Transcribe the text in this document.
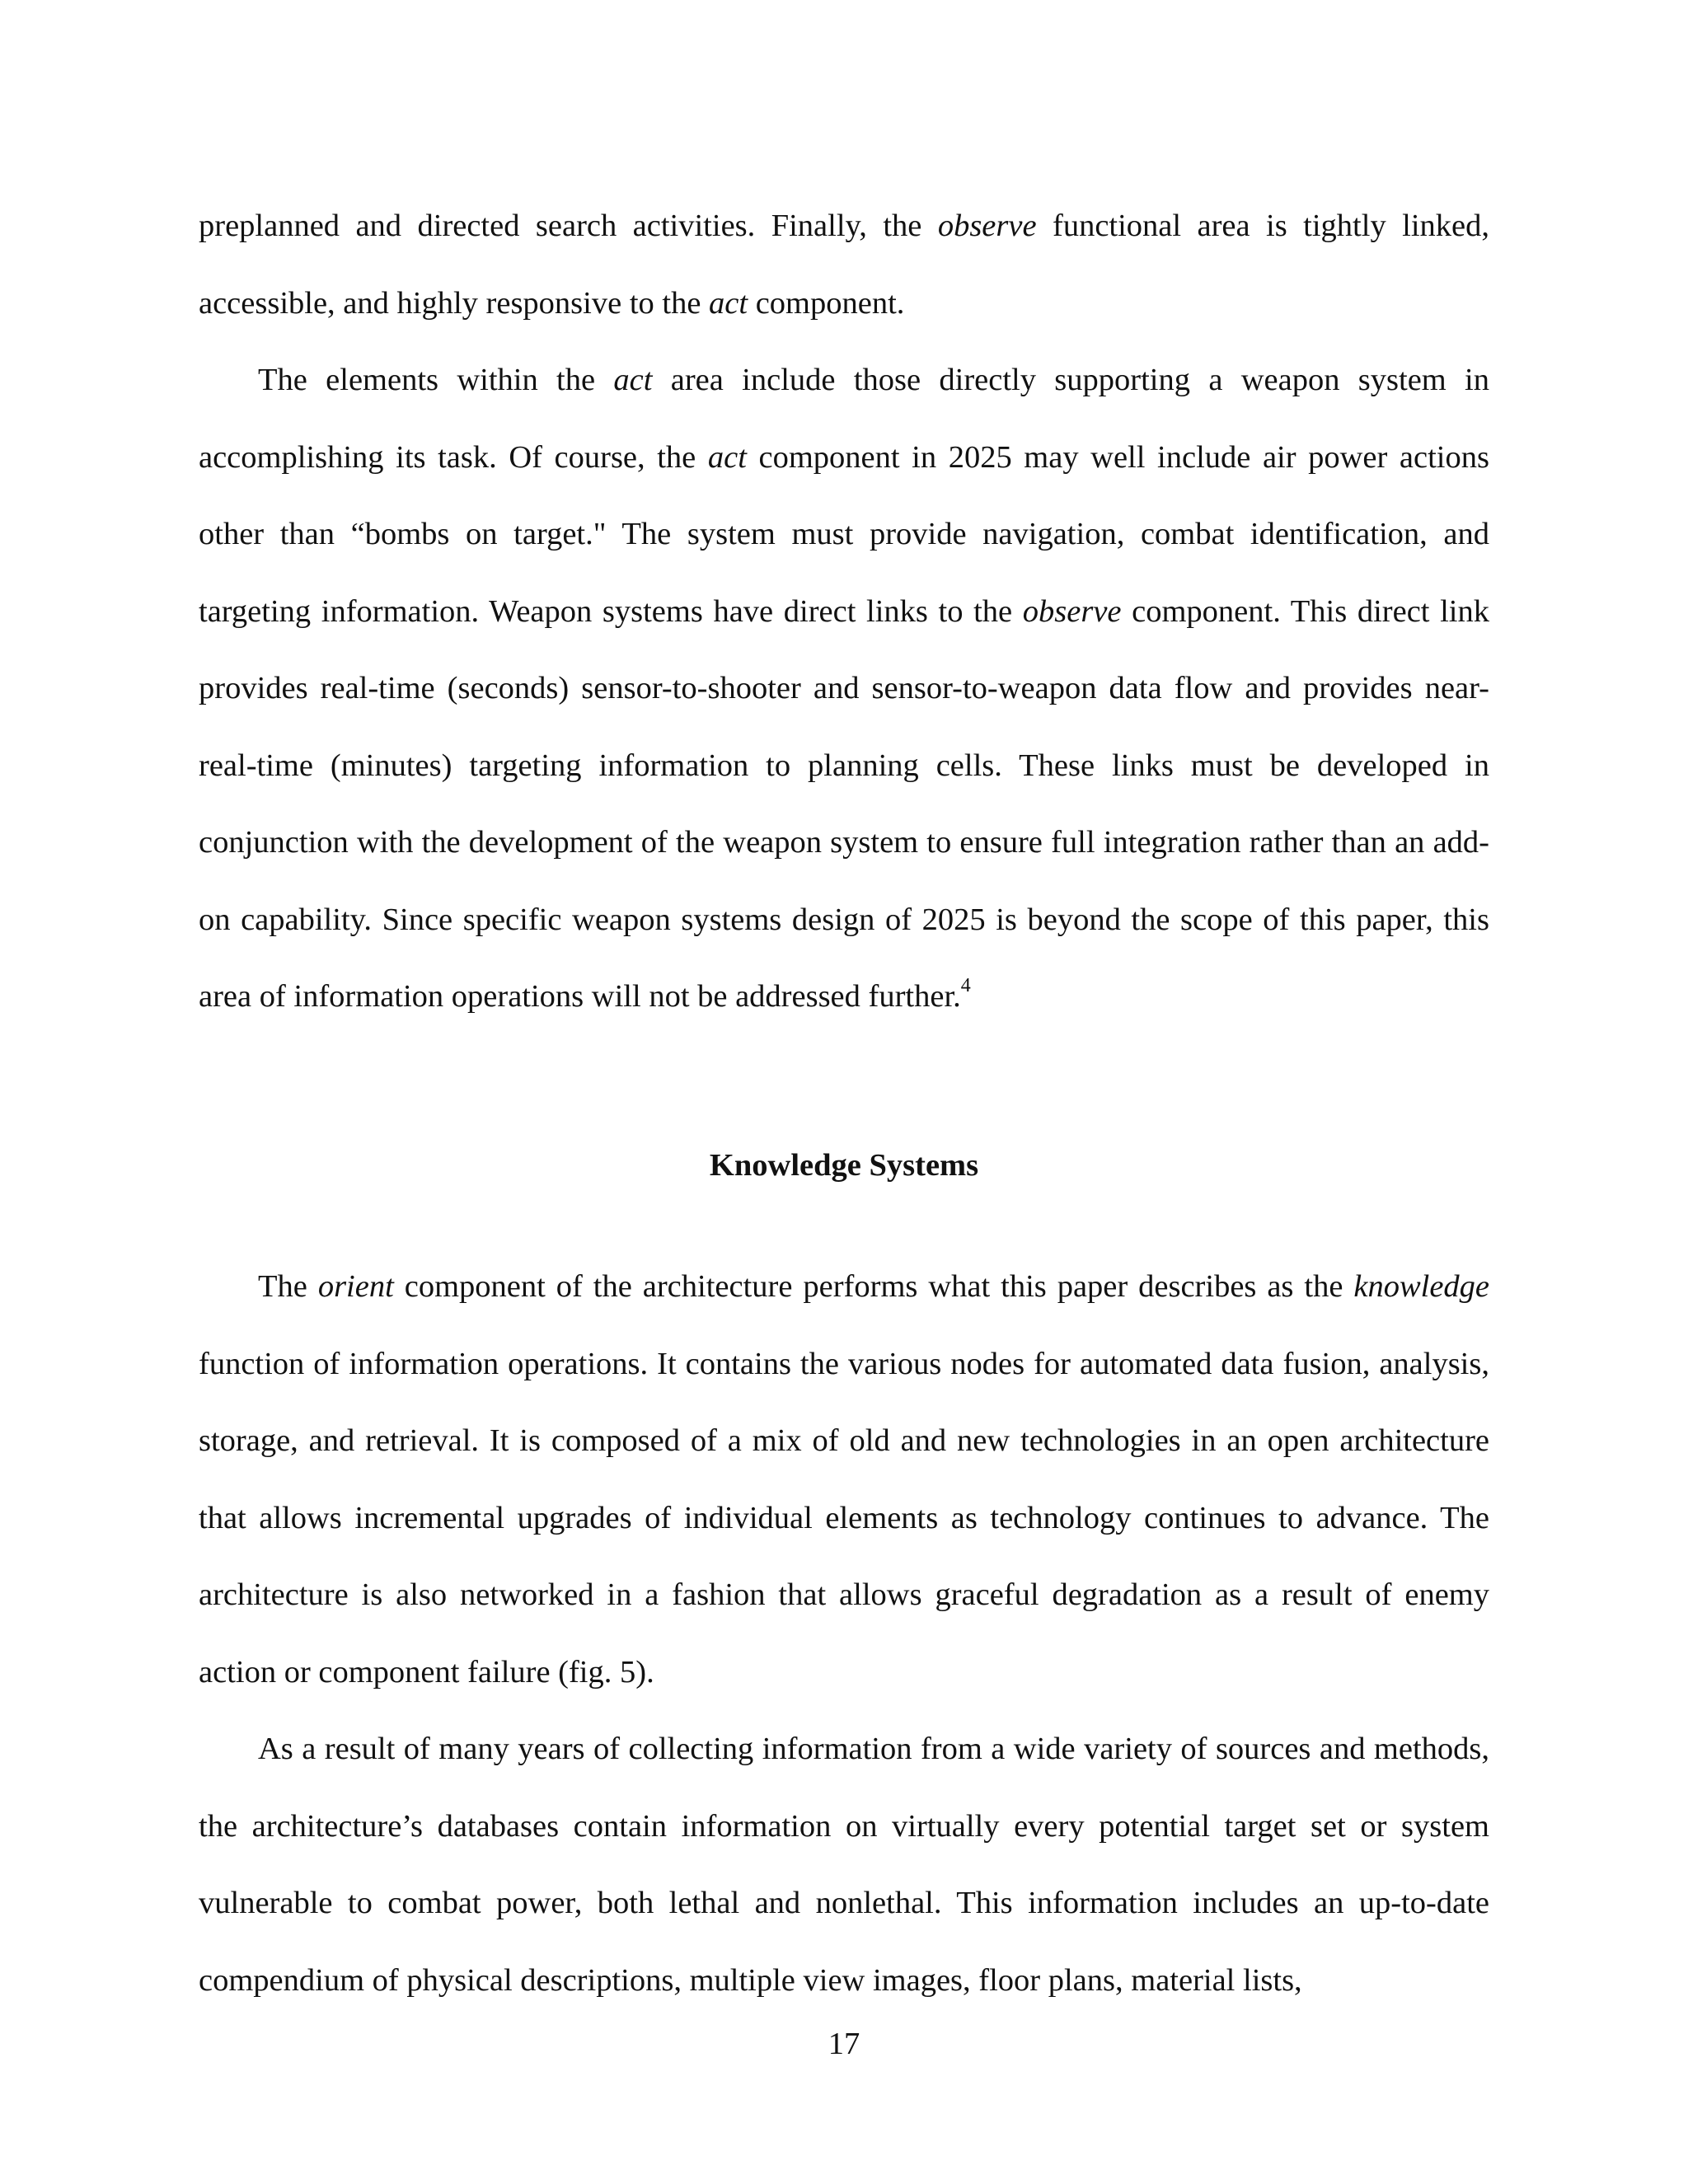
preplanned and directed search activities. Finally, the observe functional area is tightly linked, accessible, and highly responsive to the act component.

The elements within the act area include those directly supporting a weapon system in accomplishing its task. Of course, the act component in 2025 may well include air power actions other than “bombs on target." The system must provide navigation, combat identification, and targeting information. Weapon systems have direct links to the observe component. This direct link provides real-time (seconds) sensor-to-shooter and sensor-to-weapon data flow and provides near-real-time (minutes) targeting information to planning cells. These links must be developed in conjunction with the development of the weapon system to ensure full integration rather than an add-on capability. Since specific weapon systems design of 2025 is beyond the scope of this paper, this area of information operations will not be addressed further.$^4$

Knowledge Systems

The orient component of the architecture performs what this paper describes as the knowledge function of information operations. It contains the various nodes for automated data fusion, analysis, storage, and retrieval. It is composed of a mix of old and new technologies in an open architecture that allows incremental upgrades of individual elements as technology continues to advance. The architecture is also networked in a fashion that allows graceful degradation as a result of enemy action or component failure (fig. 5).

As a result of many years of collecting information from a wide variety of sources and methods, the architecture’s databases contain information on virtually every potential target set or system vulnerable to combat power, both lethal and nonlethal. This information includes an up-to-date compendium of physical descriptions, multiple view images, floor plans, material lists,

17
